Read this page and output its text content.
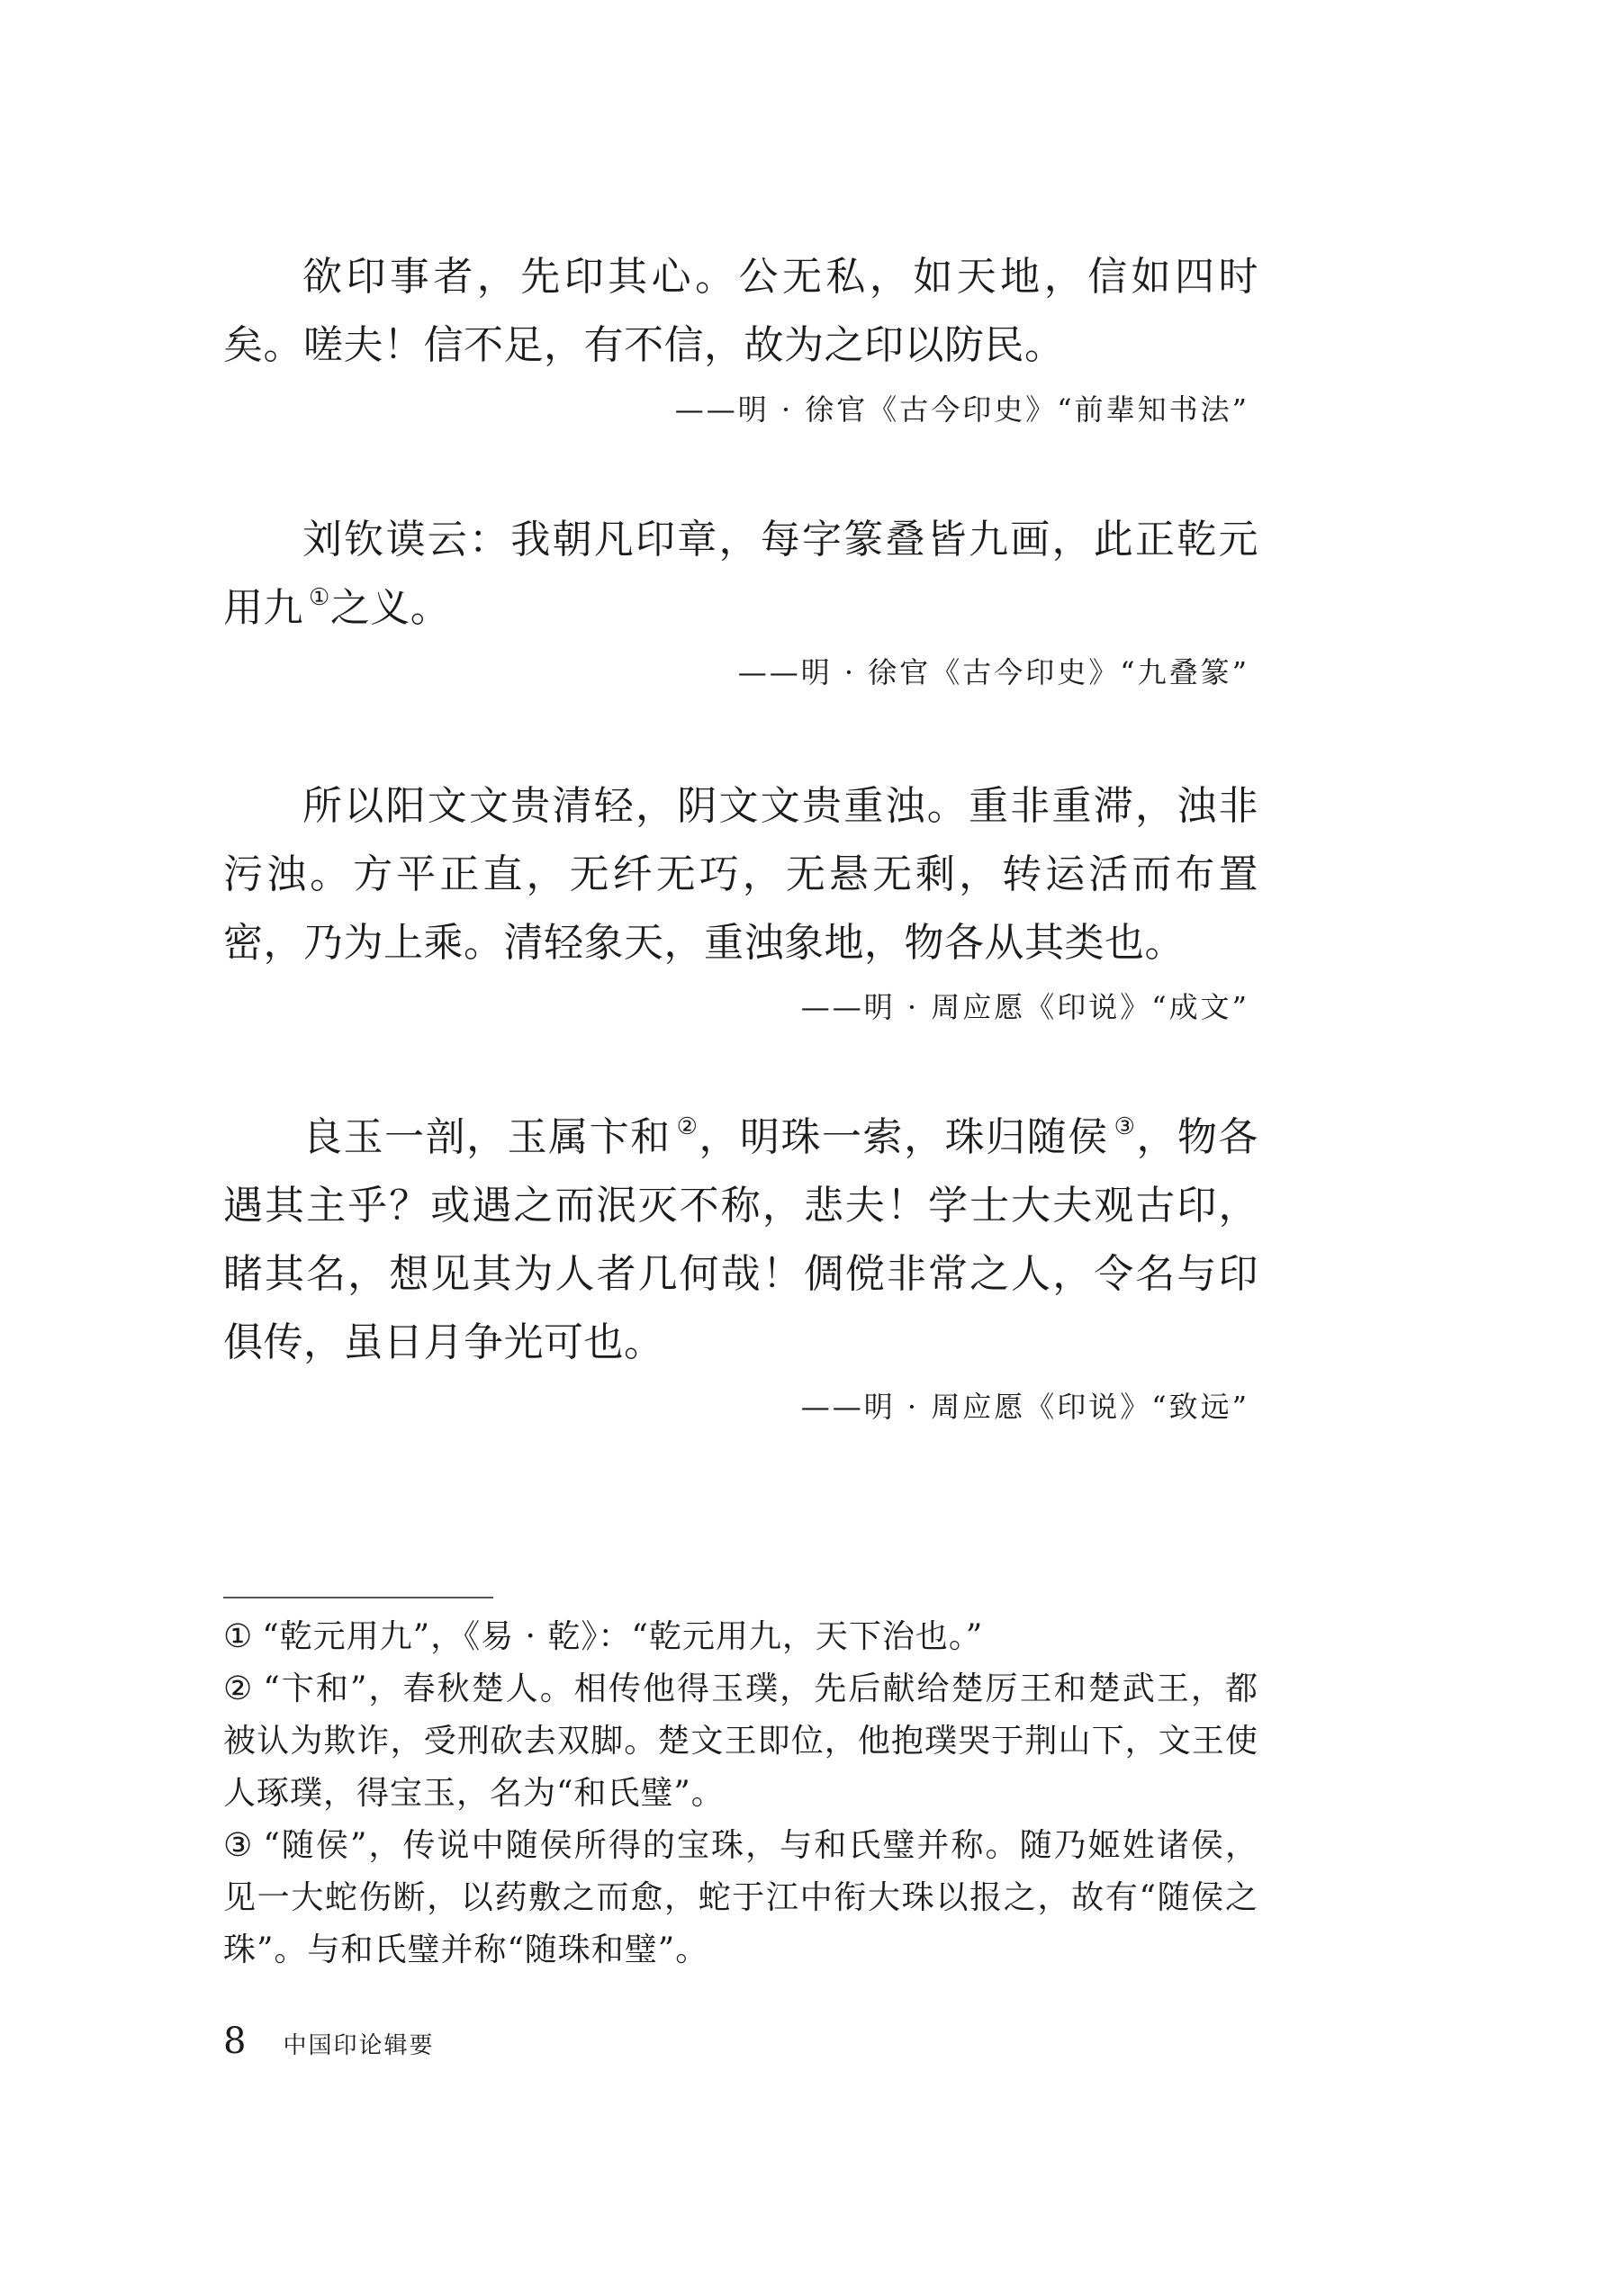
欲印事者，先印其心。公无私，如天地，信如四时矣。嗟夫！信不足，有不信，故为之印以防民。

——明 · 徐官《古今印史》“前辈知书法”

刘钦谟云：我朝凡印章，每字篆叠皆九画，此正乾元用九 ①之义。

——明 · 徐官《古今印史》“九叠篆”

所以阳文文贵清轻，阴文文贵重浊。重非重滞，浊非污浊。方平正直，无纤无巧，无悬无剩，转运活而布置密，乃为上乘。清轻象天，重浊象地，物各从其类也。

——明 · 周应愿《印说》“成文”

良玉一剖，玉属卞和 ②，明珠一索，珠归随侯 ③，物各遇其主乎？或遇之而泯灭不称，悲夫！学士大夫观古印，睹其名，想见其为人者几何哉！倜傥非常之人，令名与印俱传，虽日月争光可也。

——明 · 周应愿《印说》“致远”

① “乾元用九”，《易 · 乾》：“乾元用九，天下治也。”

② “卞和”，春秋楚人。相传他得玉璞，先后献给楚厉王和楚武王，都被认为欺诈，受刑砍去双脚。楚文王即位，他抱璞哭于荆山下，文王使人琢璞，得宝玉，名为“和氏璧”。

③ “随侯”，传说中随侯所得的宝珠，与和氏璧并称。随乃姬姓诸侯，见一大蛇伤断，以药敷之而愈，蛇于江中衔大珠以报之，故有“随侯之珠”。与和氏璧并称“随珠和璧”。

8 中国印论辑要
